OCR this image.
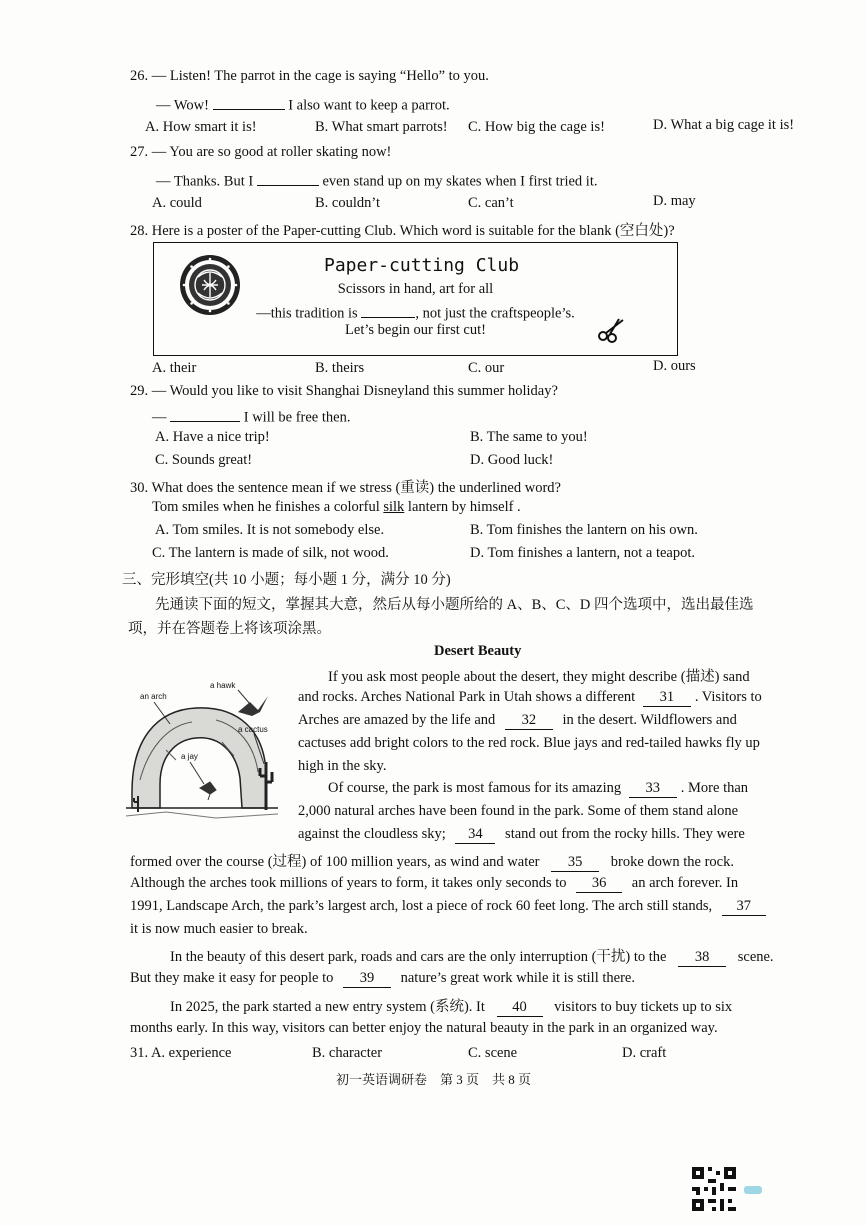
26. — Listen! The parrot in the cage is saying “Hello” to you.
— Wow!	I also want to keep a parrot.
A. How smart it is!	B. What smart parrots! C. How big the cage is!	D. What a big cage it is!
27. — You are so good at roller skating now!
— Thanks. But I	even stand up on my skates when I first tried it.
A. could	B. couldn’t	C. can’t	D. may
28. Here is a poster of the Paper-cutting Club. Which word is suitable for the blank (空白处)?
Paper-cutting Club
Scissors in hand, art for all
—this tradition is	, not just the craftspeople’s.
Let’s begin our first cut!
A. their	B. theirs	C. our	D. ours
29. — Would you like to visit Shanghai Disneyland this summer holiday?
—	I will be free then.
A. Have a nice trip!	B. The same to you!
C. Sounds great!	D. Good luck!
30. What does the sentence mean if we stress (重读) the underlined word?
Tom smiles when he finishes a colorful silk lantern by himself .
A. Tom smiles. It is not somebody else.	B. Tom finishes the lantern on his own.
C. The lantern is made of silk, not wood.	D. Tom finishes a lantern, not a teapot.
三、完形填空(共 10 小题；每小题 1 分，满分 10 分)
先通读下面的短文，掌握其大意，然后从每小题所给的 A、B、C、D 四个选项中，选出最佳选
项，并在答题卷上将该项涂黑。
Desert Beauty
an arch
a hawk
a cactus
a jay
If you ask most people about the desert, they might describe (描述) sand
and rocks. Arches National Park in Utah shows a different 31 . Visitors to
Arches are amazed by the life and 32 in the desert. Wildflowers and
cactuses add bright colors to the red rock. Blue jays and red-tailed hawks fly up
high in the sky.
Of course, the park is most famous for its amazing 33 . More than
2,000 natural arches have been found in the park. Some of them stand alone
against the cloudless sky; 34 stand out from the rocky hills. They were
formed over the course (过程) of 100 million years, as wind and water 35 broke down the rock.
Although the arches took millions of years to form, it takes only seconds to 36 an arch forever. In
1991, Landscape Arch, the park’s largest arch, lost a piece of rock 60 feet long. The arch still stands, 37
it is now much easier to break.
In the beauty of this desert park, roads and cars are the only interruption (干扰) to the 38 scene.
But they make it easy for people to 39 nature’s great work while it is still there.
In 2025, the park started a new entry system (系统). It 40 visitors to buy tickets up to six
months early. In this way, visitors can better enjoy the natural beauty in the park in an organized way.
31. A. experience	B. character	C. scene	D. craft
初一英语调研卷　第 3 页　共 8 页
